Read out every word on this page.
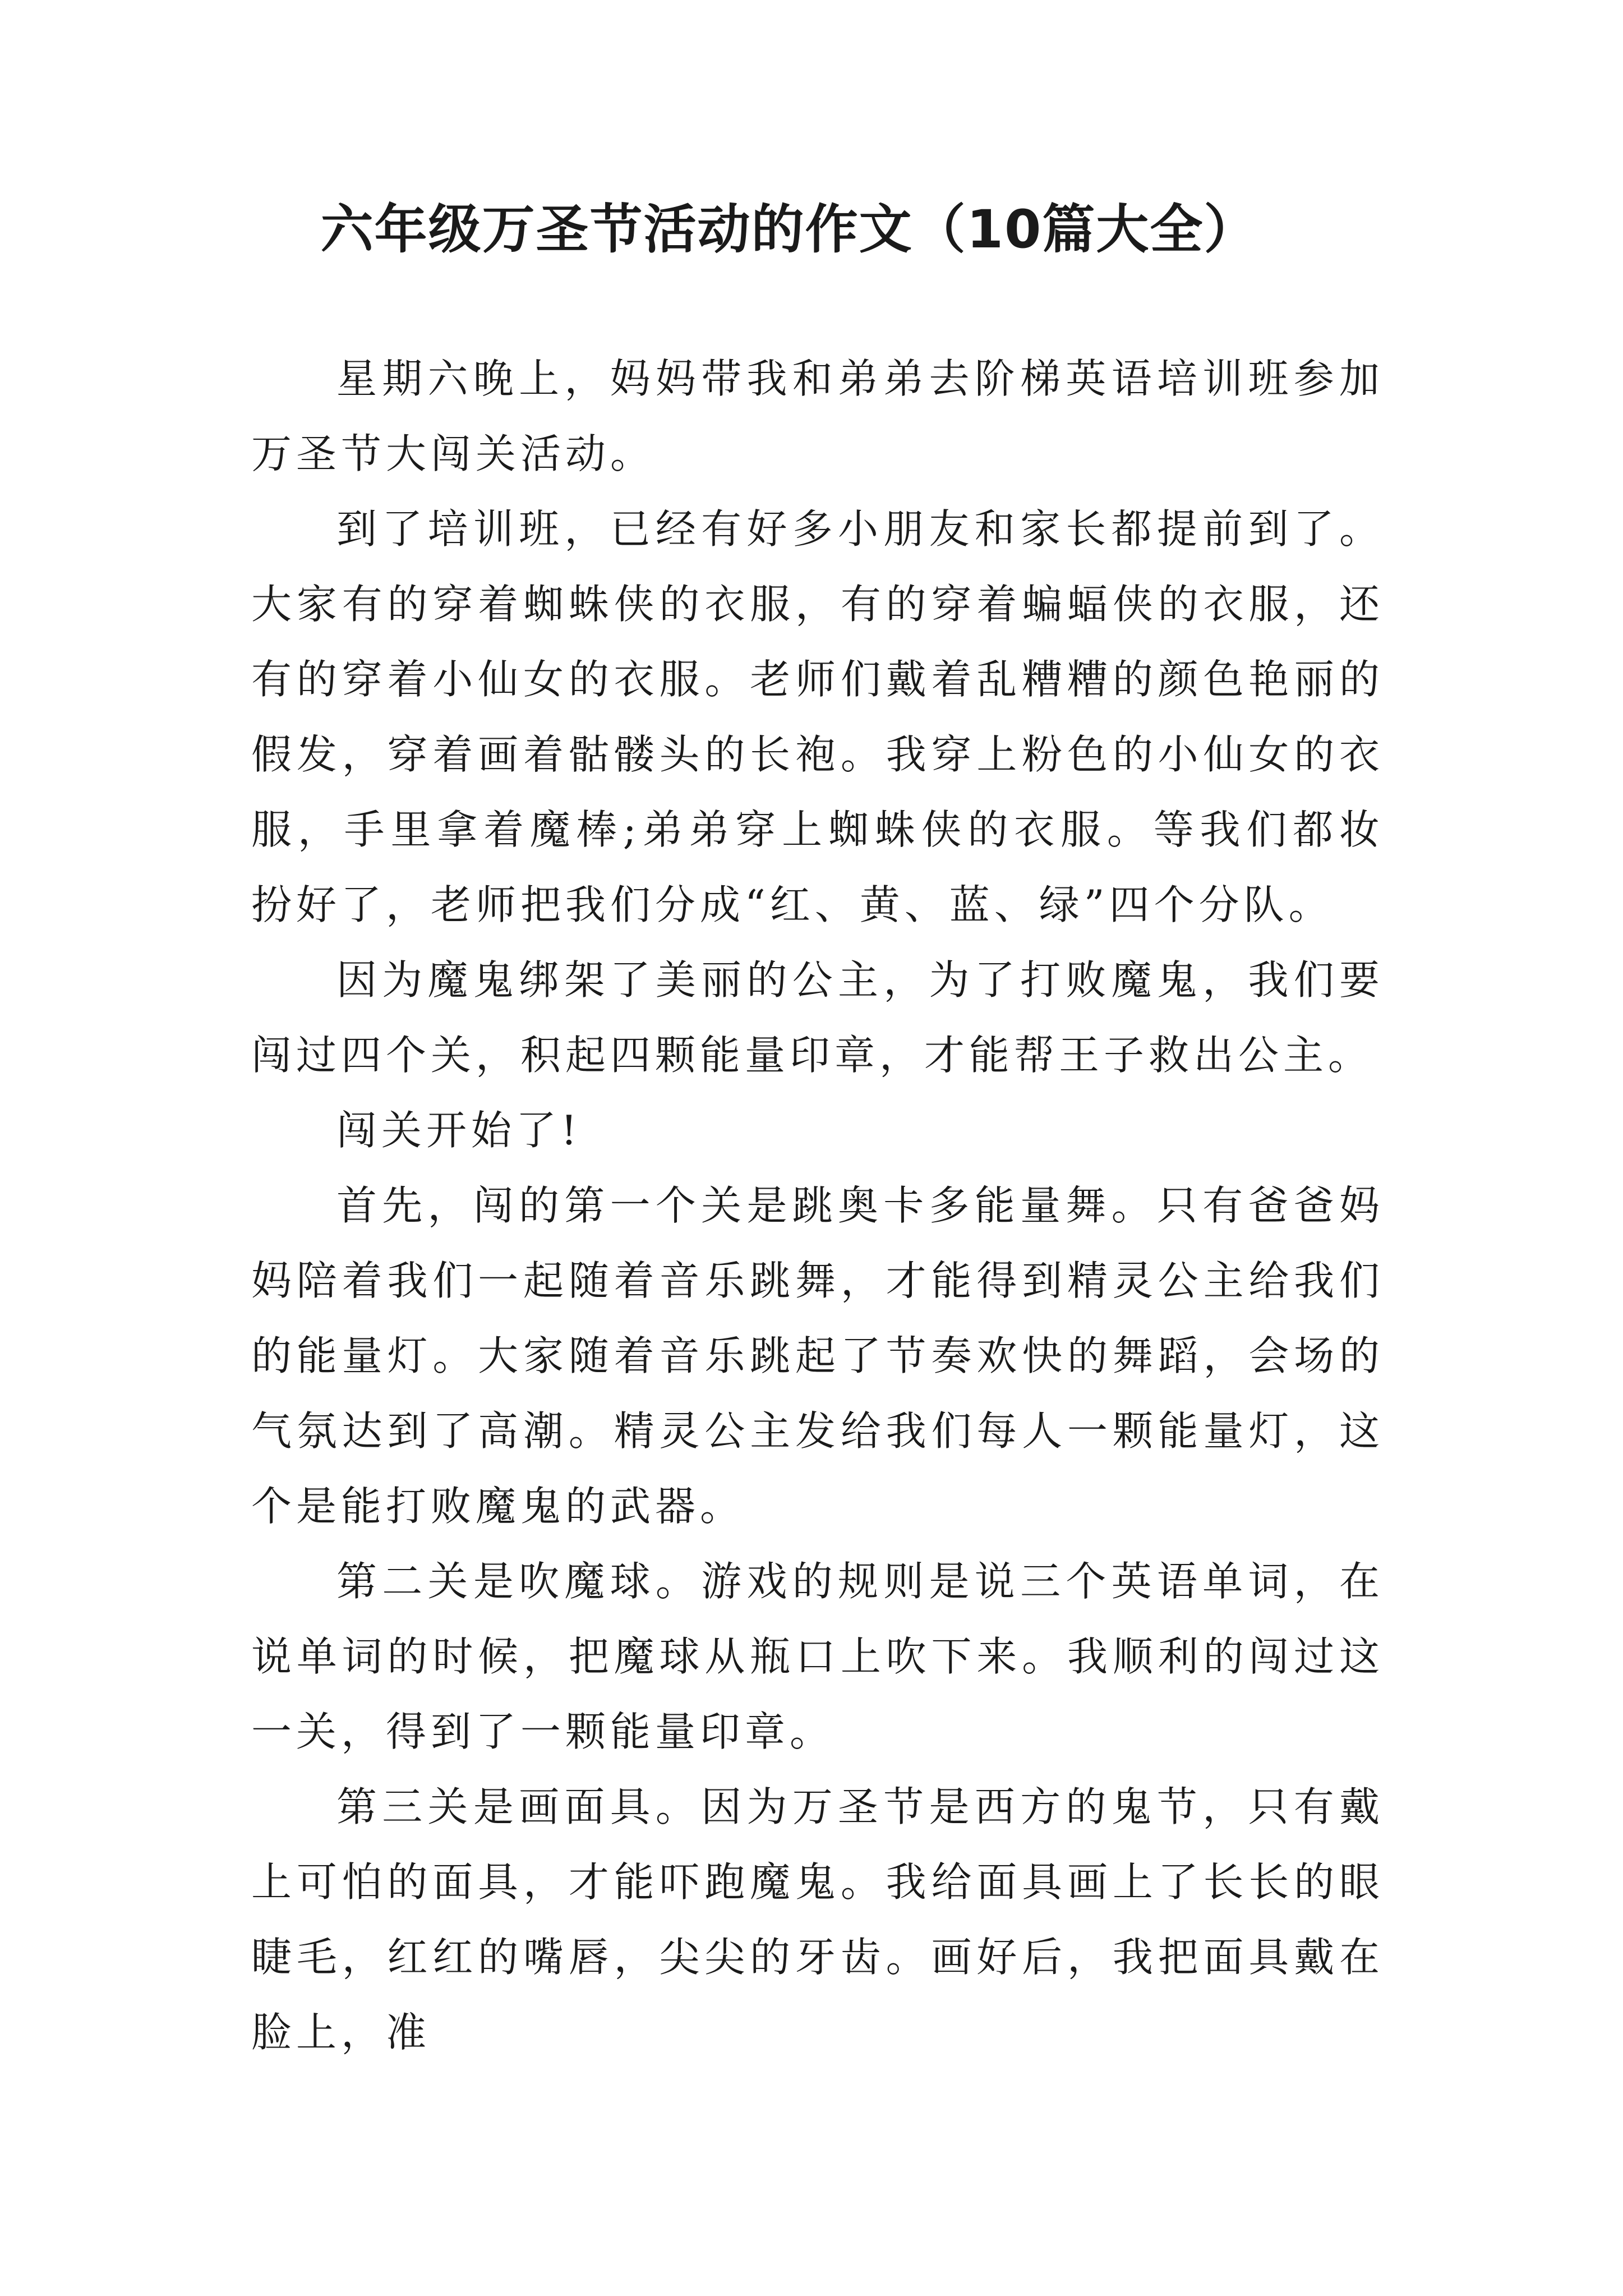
六年级万圣节活动的作文（10篇大全）

星期六晚上，妈妈带我和弟弟去阶梯英语培训班参加万圣节大闯关活动。

到了培训班，已经有好多小朋友和家长都提前到了。大家有的穿着蜘蛛侠的衣服，有的穿着蝙蝠侠的衣服，还有的穿着小仙女的衣服。老师们戴着乱糟糟的颜色艳丽的假发，穿着画着骷髅头的长袍。我穿上粉色的小仙女的衣服，手里拿着魔棒;弟弟穿上蜘蛛侠的衣服。等我们都妆扮好了，老师把我们分成“红、黄、蓝、绿”四个分队。

因为魔鬼绑架了美丽的公主，为了打败魔鬼，我们要闯过四个关，积起四颗能量印章，才能帮王子救出公主。

闯关开始了!

首先，闯的第一个关是跳奥卡多能量舞。只有爸爸妈妈陪着我们一起随着音乐跳舞，才能得到精灵公主给我们的能量灯。大家随着音乐跳起了节奏欢快的舞蹈，会场的气氛达到了高潮。精灵公主发给我们每人一颗能量灯，这个是能打败魔鬼的武器。

第二关是吹魔球。游戏的规则是说三个英语单词，在说单词的时候，把魔球从瓶口上吹下来。我顺利的闯过这一关，得到了一颗能量印章。

第三关是画面具。因为万圣节是西方的鬼节，只有戴上可怕的面具，才能吓跑魔鬼。我给面具画上了长长的眼睫毛，红红的嘴唇，尖尖的牙齿。画好后，我把面具戴在脸上，准
